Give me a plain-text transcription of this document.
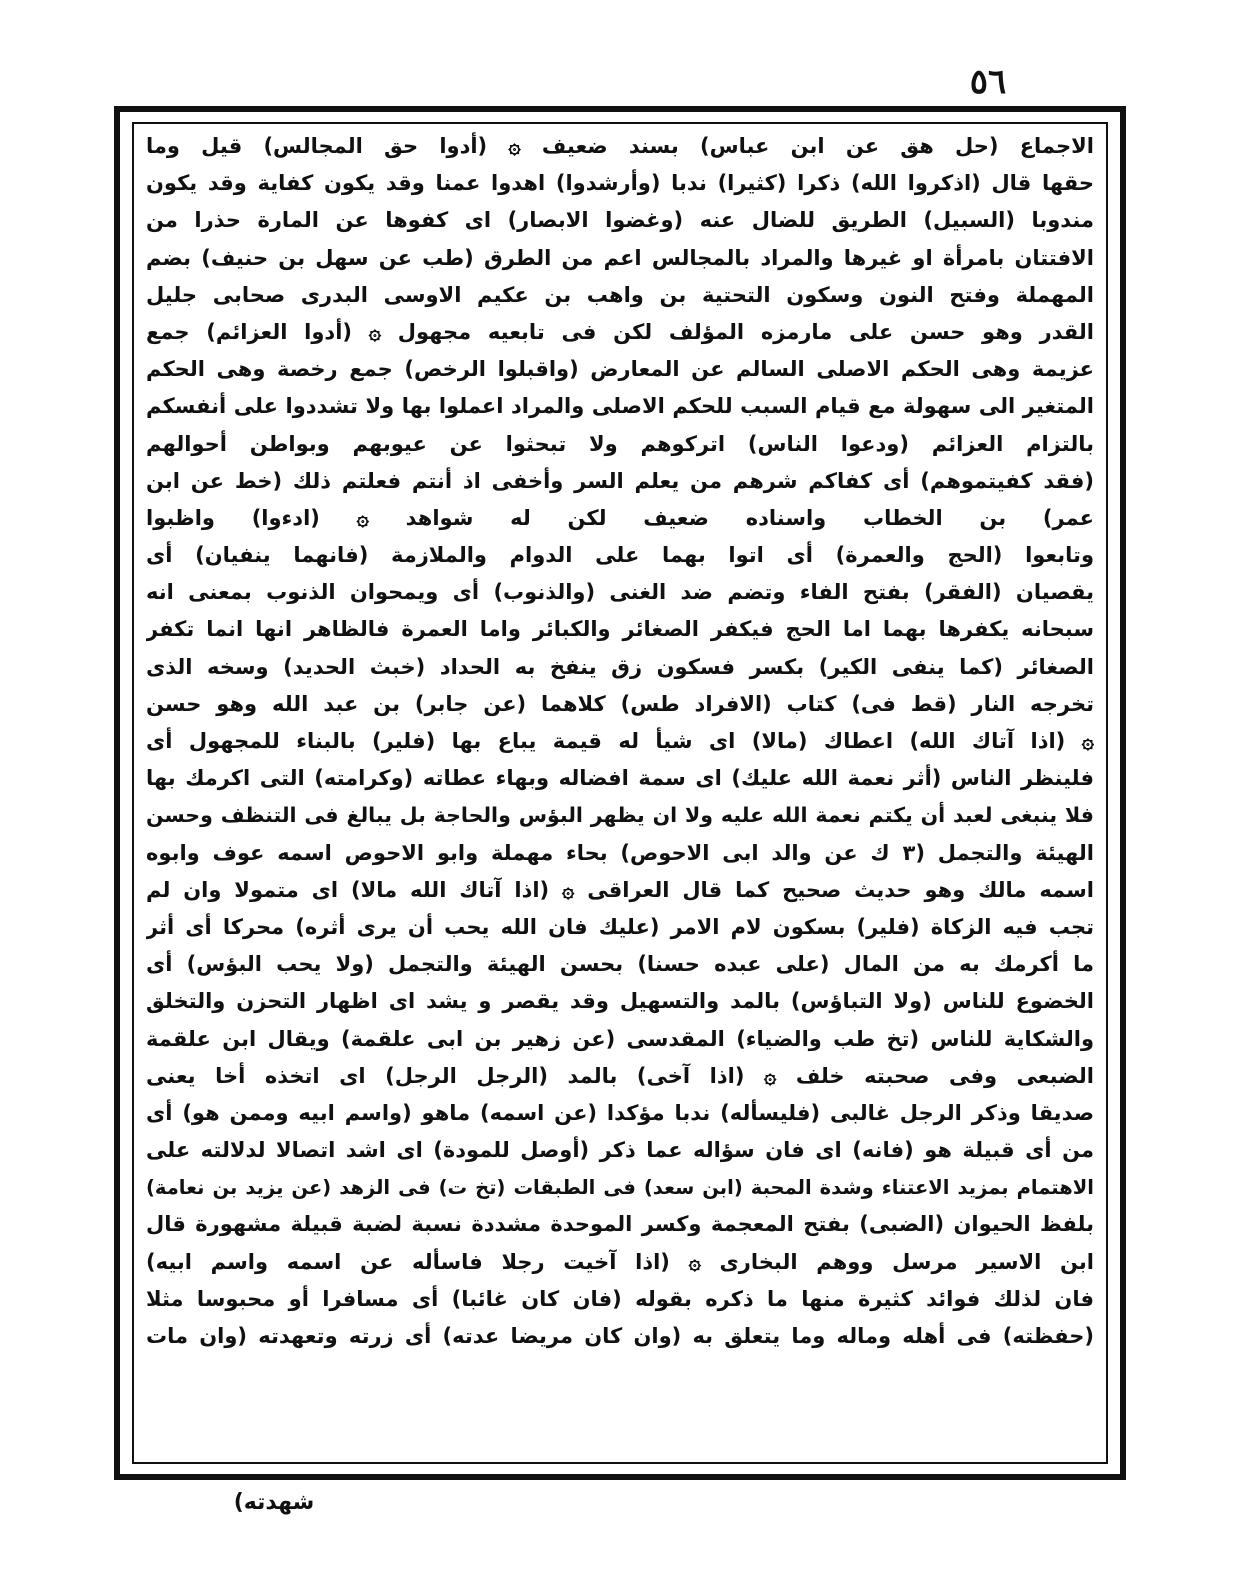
٥٦
الاجماع (حل هق عن ابن عباس) بسند ضعيف ۞ (أدوا حق المجالس) قيل وما
حقها قال (اذكروا الله) ذكرا (كثيرا) ندبا (وأرشدوا) اهدوا عمنا وقد يكون كفاية وقد يكون
مندوبا (السبيل) الطريق للضال عنه (وغضوا الابصار) اى كفوها عن المارة حذرا من
الافتتان بامرأة او غيرها والمراد بالمجالس اعم من الطرق (طب عن سهل بن حنيف) بضم
المهملة وفتح النون وسكون التحتية بن واهب بن عكيم الاوسى البدرى صحابى جليل
القدر وهو حسن على مارمزه المؤلف لكن فى تابعيه مجهول ۞ (أدوا العزائم) جمع
عزيمة وهى الحكم الاصلى السالم عن المعارض (واقبلوا الرخص) جمع رخصة وهى الحكم
المتغير الى سهولة مع قيام السبب للحكم الاصلى والمراد اعملوا بها ولا تشددوا على أنفسكم
بالتزام العزائم (ودعوا الناس) اتركوهم ولا تبحثوا عن عيوبهم وبواطن أحوالهم
(فقد كفيتموهم) أى كفاكم شرهم من يعلم السر وأخفى اذ أنتم فعلتم ذلك (خط عن ابن
عمر) بن الخطاب واسناده ضعيف لكن له شواهد ۞ (ادءوا) واظبوا
وتابعوا (الحج والعمرة) أى اتوا بهما على الدوام والملازمة (فانهما ينفيان) أى
يقصيان (الفقر) بفتح الفاء وتضم ضد الغنى (والذنوب) أى ويمحوان الذنوب بمعنى انه
سبحانه يكفرها بهما اما الحج فيكفر الصغائر والكبائر واما العمرة فالظاهر انها انما تكفر
الصغائر (كما ينفى الكير) بكسر فسكون زق ينفخ به الحداد (خبث الحديد) وسخه الذى
تخرجه النار (قط فى) كتاب (الافراد طس) كلاهما (عن جابر) بن عبد الله وهو حسن
۞ (اذا آتاك الله) اعطاك (مالا) اى شيأ له قيمة يباع بها (فلير) بالبناء للمجهول أى
فلينظر الناس (أثر نعمة الله عليك) اى سمة افضاله وبهاء عطاته (وكرامته) التى اكرمك بها
فلا ينبغى لعبد أن يكتم نعمة الله عليه ولا ان يظهر البؤس والحاجة بل يبالغ فى التنظف وحسن
الهيئة والتجمل (٣ ك عن والد ابى الاحوص) بحاء مهملة وابو الاحوص اسمه عوف وابوه
اسمه مالك وهو حديث صحيح كما قال العراقى ۞ (اذا آتاك الله مالا) اى متمولا وان لم
تجب فيه الزكاة (فلير) بسكون لام الامر (عليك فان الله يحب أن يرى أثره) محركا أى أثر
ما أكرمك به من المال (على عبده حسنا) بحسن الهيئة والتجمل (ولا يحب البؤس) أى
الخضوع للناس (ولا التباؤس) بالمد والتسهيل وقد يقصر و يشد اى اظهار التحزن والتخلق
والشكاية للناس (تخ طب والضياء) المقدسى (عن زهير بن ابى علقمة) ويقال ابن علقمة
الضبعى وفى صحبته خلف ۞ (اذا آخى) بالمد (الرجل الرجل) اى اتخذه أخا يعنى
صديقا وذكر الرجل غالبى (فليسأله) ندبا مؤكدا (عن اسمه) ماهو (واسم ابيه وممن هو) أى
من أى قبيلة هو (فانه) اى فان سؤاله عما ذكر (أوصل للمودة) اى اشد اتصالا لدلالته على
الاهتمام بمزيد الاعتناء وشدة المحبة (ابن سعد) فى الطبقات (تخ ت) فى الزهد (عن يزيد بن نعامة)
بلفظ الحيوان (الضبى) بفتح المعجمة وكسر الموحدة مشددة نسبة لضبة قبيلة مشهورة قال
ابن الاسير مرسل ووهم البخارى ۞ (اذا آخيت رجلا فاسأله عن اسمه واسم ابيه)
فان لذلك فوائد كثيرة منها ما ذكره بقوله (فان كان غائبا) أى مسافرا أو محبوسا مثلا
(حفظته) فى أهله وماله وما يتعلق به (وان كان مريضا عدته) أى زرته وتعهدته (وان مات
شهدته)
